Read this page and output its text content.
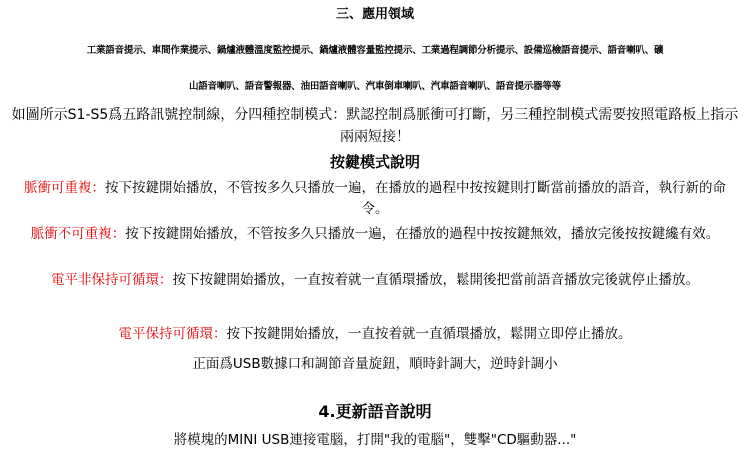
三、應用領域
工業語音提示、車間作業提示、鍋爐液體溫度監控提示、鍋爐液體容量監控提示、工業過程調節分析提示、設備巡檢語音提示、語音喇叭、礦
山語音喇叭、語音警報器、油田語音喇叭、汽車倒車喇叭、汽車語音喇叭、語音提示器等等
如圖所示S1-S5爲五路訊號控制線，分四種控制模式：默認控制爲脈衝可打斷，另三種控制模式需要按照電路板上指示兩兩短接！
按鍵模式說明
脈衝可重複：按下按鍵開始播放，不管按多久只播放一遍，在播放的過程中按按鍵則打斷當前播放的語音，執行新的命令。
脈衝不可重複：按下按鍵開始播放，不管按多久只播放一遍，在播放的過程中按按鍵無效，播放完後按按鍵纔有效。
電平非保持可循環：按下按鍵開始播放，一直按着就一直循環播放，鬆開後把當前語音播放完後就停止播放。
電平保持可循環：按下按鍵開始播放，一直按着就一直循環播放，鬆開立即停止播放。
正面爲USB數據口和調節音量旋鈕，順時針調大，逆時針調小
4.更新語音說明
將模塊的MINI USB連接電腦，打開"我的電腦"，雙擊"CD驅動器..."
